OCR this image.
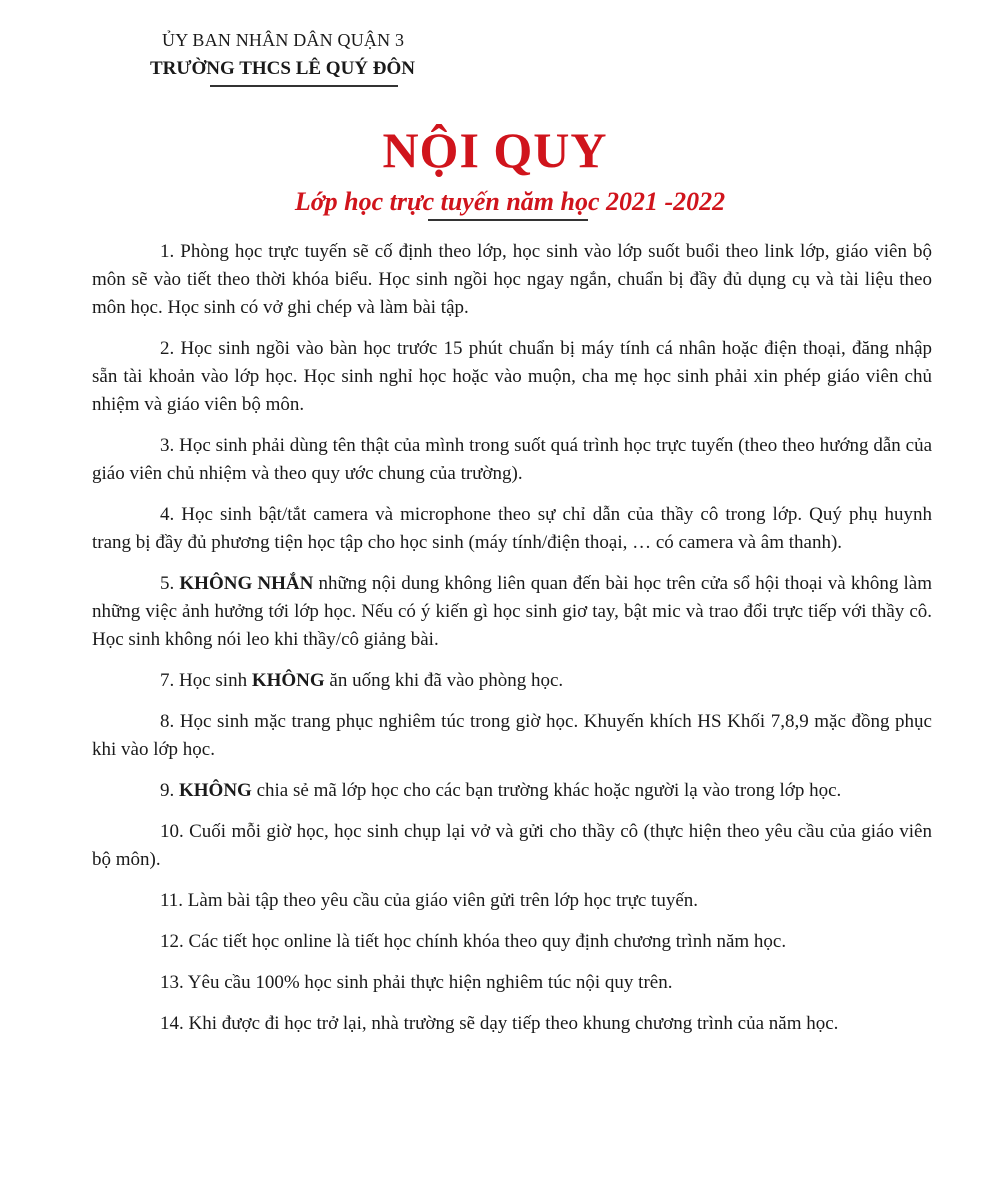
ỦY BAN NHÂN DÂN QUẬN 3
TRƯỜNG THCS LÊ QUÝ ĐÔN
NỘI QUY
Lớp học trực tuyến năm học 2021 -2022

1. Phòng học trực tuyến sẽ cố định theo lớp, học sinh vào lớp suốt buổi theo link lớp, giáo viên bộ môn sẽ vào tiết theo thời khóa biểu. Học sinh ngồi học ngay ngắn, chuẩn bị đầy đủ dụng cụ và tài liệu theo môn học. Học sinh có vở ghi chép và làm bài tập.

2. Học sinh ngồi vào bàn học trước 15 phút chuẩn bị máy tính cá nhân hoặc điện thoại, đăng nhập sẵn tài khoản vào lớp học. Học sinh nghỉ học hoặc vào muộn, cha mẹ học sinh phải xin phép giáo viên chủ nhiệm và giáo viên bộ môn.

3. Học sinh phải dùng tên thật của mình trong suốt quá trình học trực tuyến (theo theo hướng dẫn của giáo viên chủ nhiệm và theo quy ước chung của trường).

4. Học sinh bật/tắt camera và microphone theo sự chỉ dẫn của thầy cô trong lớp. Quý phụ huynh trang bị đầy đủ phương tiện học tập cho học sinh (máy tính/điện thoại, … có camera và âm thanh).

5. KHÔNG NHẮN những nội dung không liên quan đến bài học trên cửa sổ hội thoại và không làm những việc ảnh hưởng tới lớp học. Nếu có ý kiến gì học sinh giơ tay, bật mic và trao đổi trực tiếp với thầy cô. Học sinh không nói leo khi thầy/cô giảng bài.

7. Học sinh KHÔNG ăn uống khi đã vào phòng học.

8. Học sinh mặc trang phục nghiêm túc trong giờ học. Khuyến khích HS Khối 7,8,9 mặc đồng phục khi vào lớp học.

9. KHÔNG chia sẻ mã lớp học cho các bạn trường khác hoặc người lạ vào trong lớp học.

10. Cuối mỗi giờ học, học sinh chụp lại vở và gửi cho thầy cô (thực hiện theo yêu cầu của giáo viên bộ môn).

11. Làm bài tập theo yêu cầu của giáo viên gửi trên lớp học trực tuyến.

12. Các tiết học online là tiết học chính khóa theo quy định chương trình năm học.

13. Yêu cầu 100% học sinh phải thực hiện nghiêm túc nội quy trên.

14. Khi được đi học trở lại, nhà trường sẽ dạy tiếp theo khung chương trình của năm học.
